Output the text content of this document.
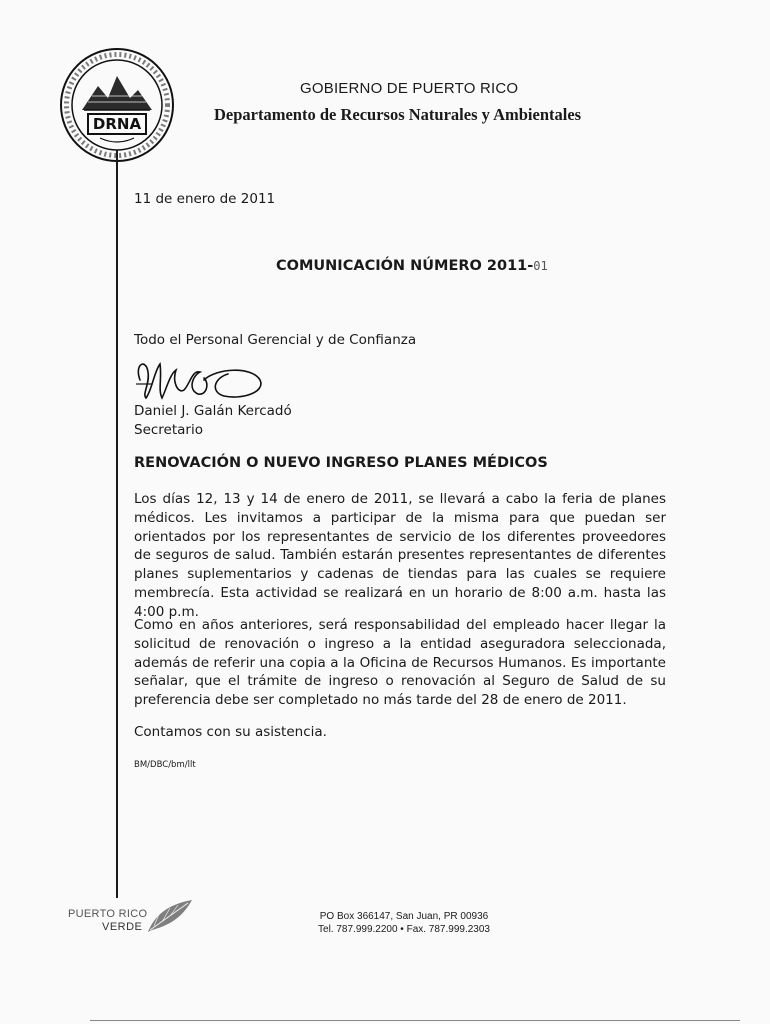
DRNA
GOBIERNO DE PUERTO RICO
Departamento de Recursos Naturales y Ambientales
11 de enero de 2011
COMUNICACIÓN NÚMERO 2011-01
Todo el Personal Gerencial y de Confianza
Daniel J. Galán Kercadó
Secretario
RENOVACIÓN O NUEVO INGRESO PLANES MÉDICOS
Los días 12, 13 y 14 de enero de 2011, se llevará a cabo la feria de planes médicos. Les invitamos a participar de la misma para que puedan ser orientados por los representantes de servicio de los diferentes proveedores de seguros de salud. También estarán presentes representantes de diferentes planes suplementarios y cadenas de tiendas para las cuales se requiere membrecía. Esta actividad se realizará en un horario de 8:00 a.m. hasta las 4:00 p.m.
Como en años anteriores, será responsabilidad del empleado hacer llegar la solicitud de renovación o ingreso a la entidad aseguradora seleccionada, además de referir una copia a la Oficina de Recursos Humanos. Es importante señalar, que el trámite de ingreso o renovación al Seguro de Salud de su preferencia debe ser completado no más tarde del 28 de enero de 2011.
Contamos con su asistencia.
BM/DBC/bm/llt
PUERTO RICO
VERDE
PO Box 366147, San Juan, PR 00936
Tel. 787.999.2200 • Fax. 787.999.2303
